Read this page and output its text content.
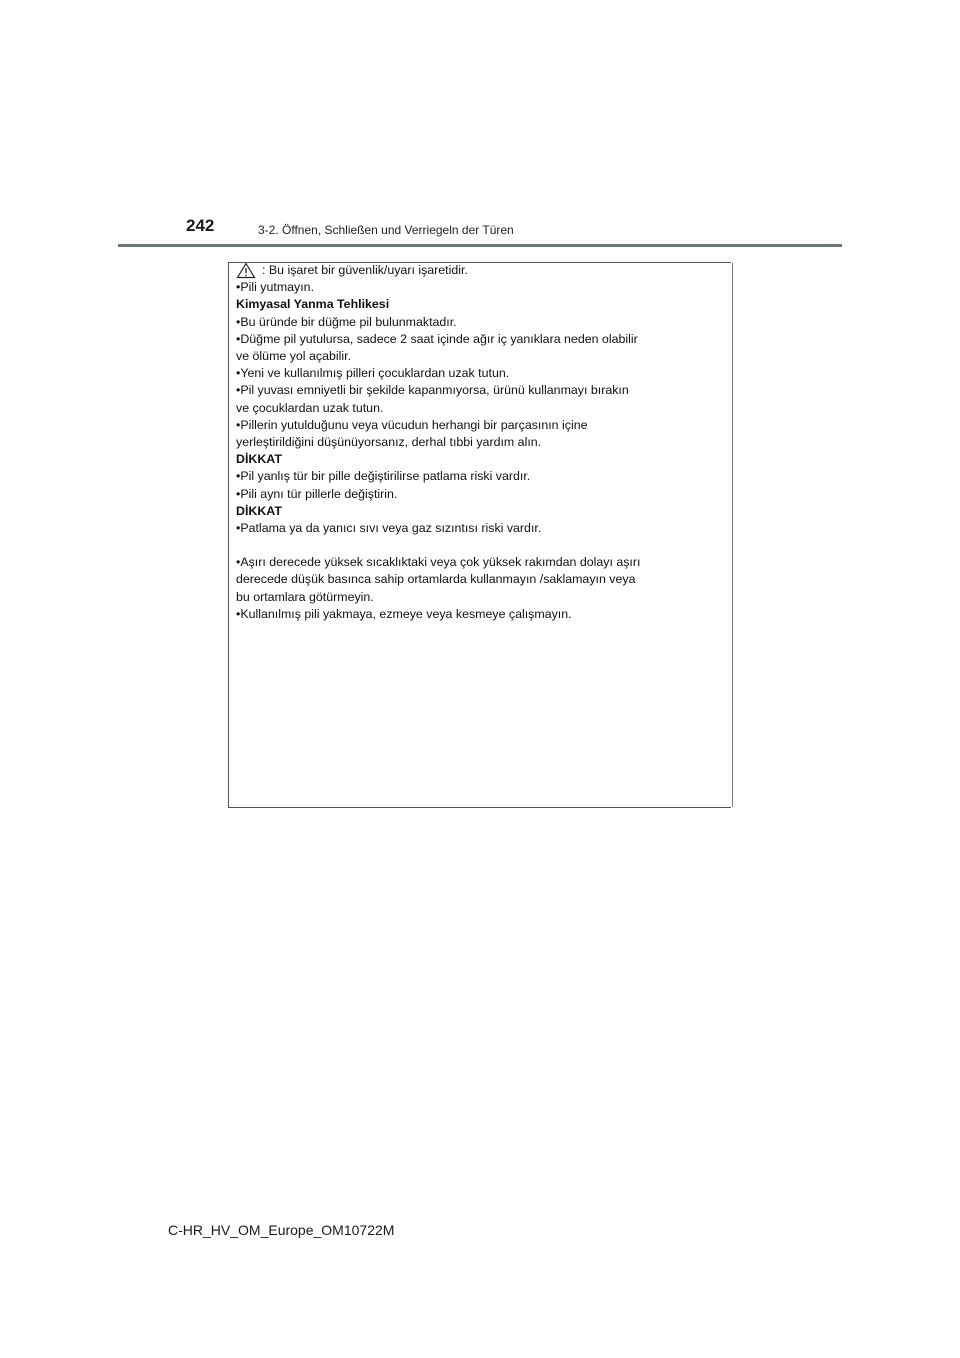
242	3-2. Öffnen, Schließen und Verriegeln der Türen
: Bu işaret bir güvenlik/uyarı işaretidir.
•Pili yutmayın.
Kimyasal Yanma Tehlikesi
•Bu üründe bir düğme pil bulunmaktadır.
•Düğme pil yutulursa, sadece 2 saat içinde ağır iç yanıklara neden olabilir
ve ölüme yol açabilir.
•Yeni ve kullanılmış pilleri çocuklardan uzak tutun.
•Pil yuvası emniyetli bir şekilde kapanmıyorsa, ürünü kullanmayı bırakın
ve çocuklardan uzak tutun.
•Pillerin yutulduğunu veya vücudun herhangi bir parçasının içine
yerleştirildiğini düşünüyorsanız, derhal tıbbi yardım alın.
DİKKAT
•Pil yanlış tür bir pille değiştirilirse patlama riski vardır.
•Pili aynı tür pillerle değiştirin.
DİKKAT
•Patlama ya da yanıcı sıvı veya gaz sızıntısı riski vardır.
•Aşırı derecede yüksek sıcaklıktaki veya çok yüksek rakımdan dolayı aşırı
derecede düşük basınca sahip ortamlarda kullanmayın /saklamayın veya
bu ortamlara götürmeyin.
•Kullanılmış pili yakmaya, ezmeye veya kesmeye çalışmayın.
C-HR_HV_OM_Europe_OM10722M
